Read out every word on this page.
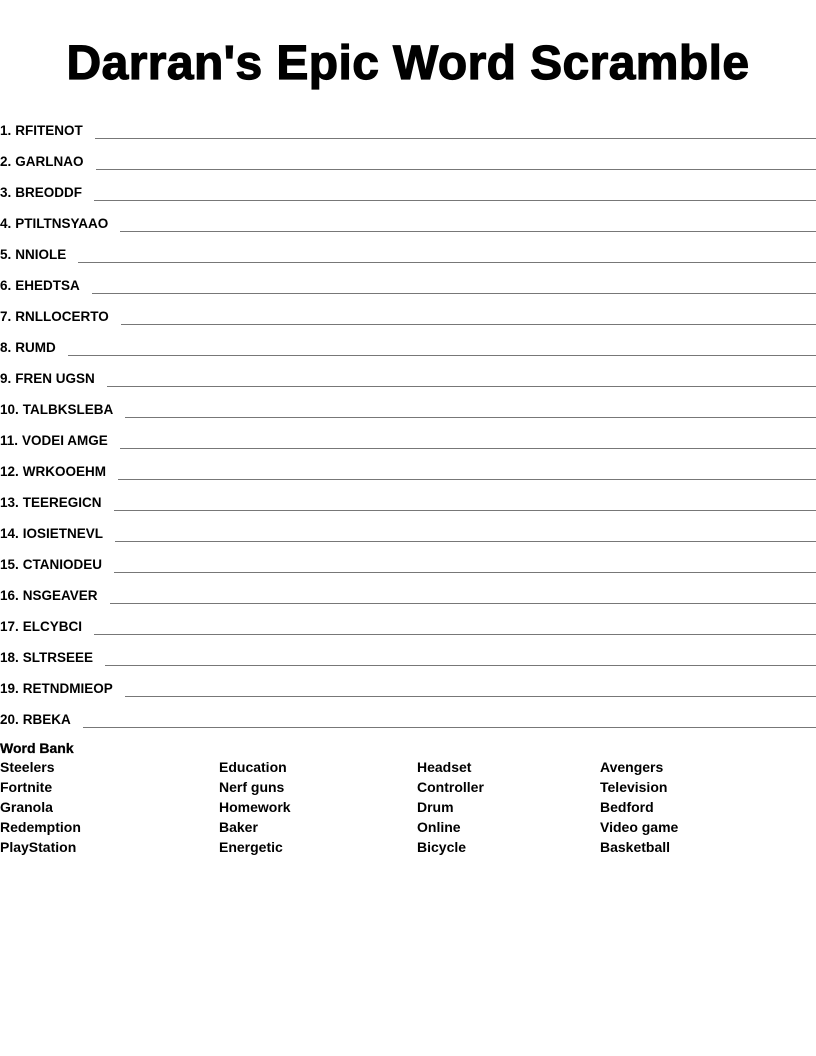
Darran's Epic Word Scramble
1. RFITENOT
2. GARLNAO
3. BREODDF
4. PTILTNSYAAO
5. NNIOLE
6. EHEDTSA
7. RNLLOCERTO
8. RUMD
9. FREN UGSN
10. TALBKSLEBA
11. VODEI AMGE
12. WRKOOEHM
13. TEEREGICN
14. IOSIETNEVL
15. CTANIODEU
16. NSGEAVER
17. ELCYBCI
18. SLTRSEEE
19. RETNDMIEOP
20. RBEKA
Word Bank
Steelers
Fortnite
Granola
Redemption
PlayStation
Education
Nerf guns
Homework
Baker
Energetic
Headset
Controller
Drum
Online
Bicycle
Avengers
Television
Bedford
Video game
Basketball
